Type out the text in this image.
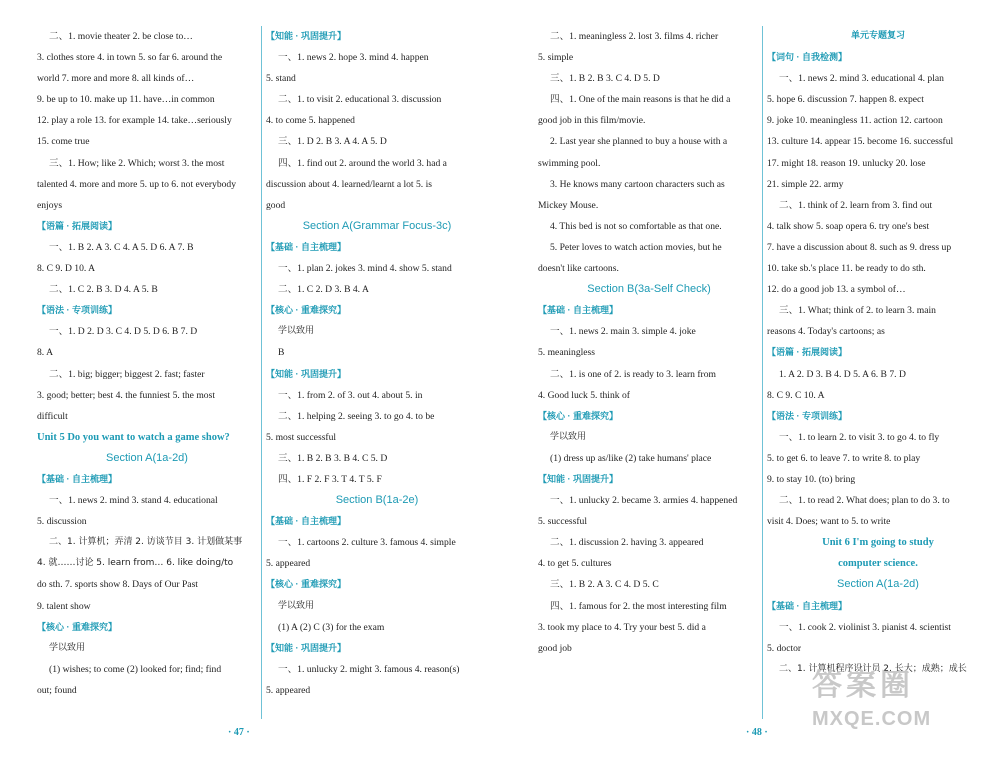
二、1. movie theater 2. be close to…
3. clothes store 4. in town 5. so far 6. around the
world 7. more and more 8. all kinds of…
9. be up to 10. make up 11. have…in common
12. play a role 13. for example 14. take…seriously
15. come true
三、1. How; like 2. Which; worst 3. the most
talented 4. more and more 5. up to 6. not everybody
enjoys
【 语篇 · 拓展阅读 】
一、1. B 2. A 3. C 4. A 5. D 6. A 7. B
8. C 9. D 10. A
二、1. C 2. B 3. D 4. A 5. B
【 语法 · 专项训练 】
一、1. D 2. D 3. C 4. D 5. D 6. B 7. D
8. A
二、1. big; bigger; biggest 2. fast; faster
3. good; better; best 4. the funniest 5. the most
difficult
Unit 5 Do you want to watch a game show?
Section A(1a-2d)
【 基础 · 自主梳理 】
一、1. news 2. mind 3. stand 4. educational
5. discussion
二、1. 计算机；弄清 2. 访谈节目 3. 计划做某事
4. 就……讨论 5. learn from… 6. like doing/to
do sth. 7. sports show 8. Days of Our Past
9. talent show
【 核心 · 重难探究 】
学以致用
(1) wishes; to come (2) looked for; find; find
out; found
【 知能 · 巩固提升 】
一、1. news 2. hope 3. mind 4. happen
5. stand
二、1. to visit 2. educational 3. discussion
4. to come 5. happened
三、1. D 2. B 3. A 4. A 5. D
四、1. find out 2. around the world 3. had a
discussion about 4. learned/learnt a lot 5. is
good
Section A(Grammar Focus-3c)
【 基础 · 自主梳理 】
一、1. plan 2. jokes 3. mind 4. show 5. stand
二、1. C 2. D 3. B 4. A
【 核心 · 重难探究 】
学以致用
B
【 知能 · 巩固提升 】
一、1. from 2. of 3. out 4. about 5. in
二、1. helping 2. seeing 3. to go 4. to be
5. most successful
三、1. B 2. B 3. B 4. C 5. D
四、1. F 2. F 3. T 4. T 5. F
Section B(1a-2e)
【 基础 · 自主梳理 】
一、1. cartoons 2. culture 3. famous 4. simple
5. appeared
【 核心 · 重难探究 】
学以致用
(1) A (2) C (3) for the exam
【 知能 · 巩固提升 】
一、1. unlucky 2. might 3. famous 4. reason(s)
5. appeared
二、1. meaningless 2. lost 3. films 4. richer
5. simple
三、1. B 2. B 3. C 4. D 5. D
四、1. One of the main reasons is that he did a
good job in this film/movie.
2. Last year she planned to buy a house with a
swimming pool.
3. He knows many cartoon characters such as
Mickey Mouse.
4. This bed is not so comfortable as that one.
5. Peter loves to watch action movies, but he
doesn't like cartoons.
Section B(3a-Self Check)
【 基础 · 自主梳理 】
一、1. news 2. main 3. simple 4. joke
5. meaningless
二、1. is one of 2. is ready to 3. learn from
4. Good luck 5. think of
【 核心 · 重难探究 】
学以致用
(1) dress up as/like (2) take humans' place
【 知能 · 巩固提升 】
一、1. unlucky 2. became 3. armies 4. happened
5. successful
二、1. discussion 2. having 3. appeared
4. to get 5. cultures
三、1. B 2. A 3. C 4. D 5. C
四、1. famous for 2. the most interesting film
3. took my place to 4. Try your best 5. did a
good job
单元专题复习
【 词句 · 自我检测 】
一、1. news 2. mind 3. educational 4. plan
5. hope 6. discussion 7. happen 8. expect
9. joke 10. meaningless 11. action 12. cartoon
13. culture 14. appear 15. become 16. successful
17. might 18. reason 19. unlucky 20. lose
21. simple 22. army
二、1. think of 2. learn from 3. find out
4. talk show 5. soap opera 6. try one's best
7. have a discussion about 8. such as 9. dress up
10. take sb.'s place 11. be ready to do sth.
12. do a good job 13. a symbol of…
三、1. What; think of 2. to learn 3. main
reasons 4. Today's cartoons; as
【 语篇 · 拓展阅读 】
1. A 2. D 3. B 4. D 5. A 6. B 7. D
8. C 9. C 10. A
【 语法 · 专项训练 】
一、1. to learn 2. to visit 3. to go 4. to fly
5. to get 6. to leave 7. to write 8. to play
9. to stay 10. (to) bring
二、1. to read 2. What does; plan to do 3. to
visit 4. Does; want to 5. to write
Unit 6 I'm going to study
computer science.
Section A(1a-2d)
【 基础 · 自主梳理 】
一、1. cook 2. violinist 3. pianist 4. scientist
5. doctor
二、1. 计算机程序设计员 2. 长大；成熟；成长
· 47 ·	· 48 ·
答案圈
MXQE.COM
